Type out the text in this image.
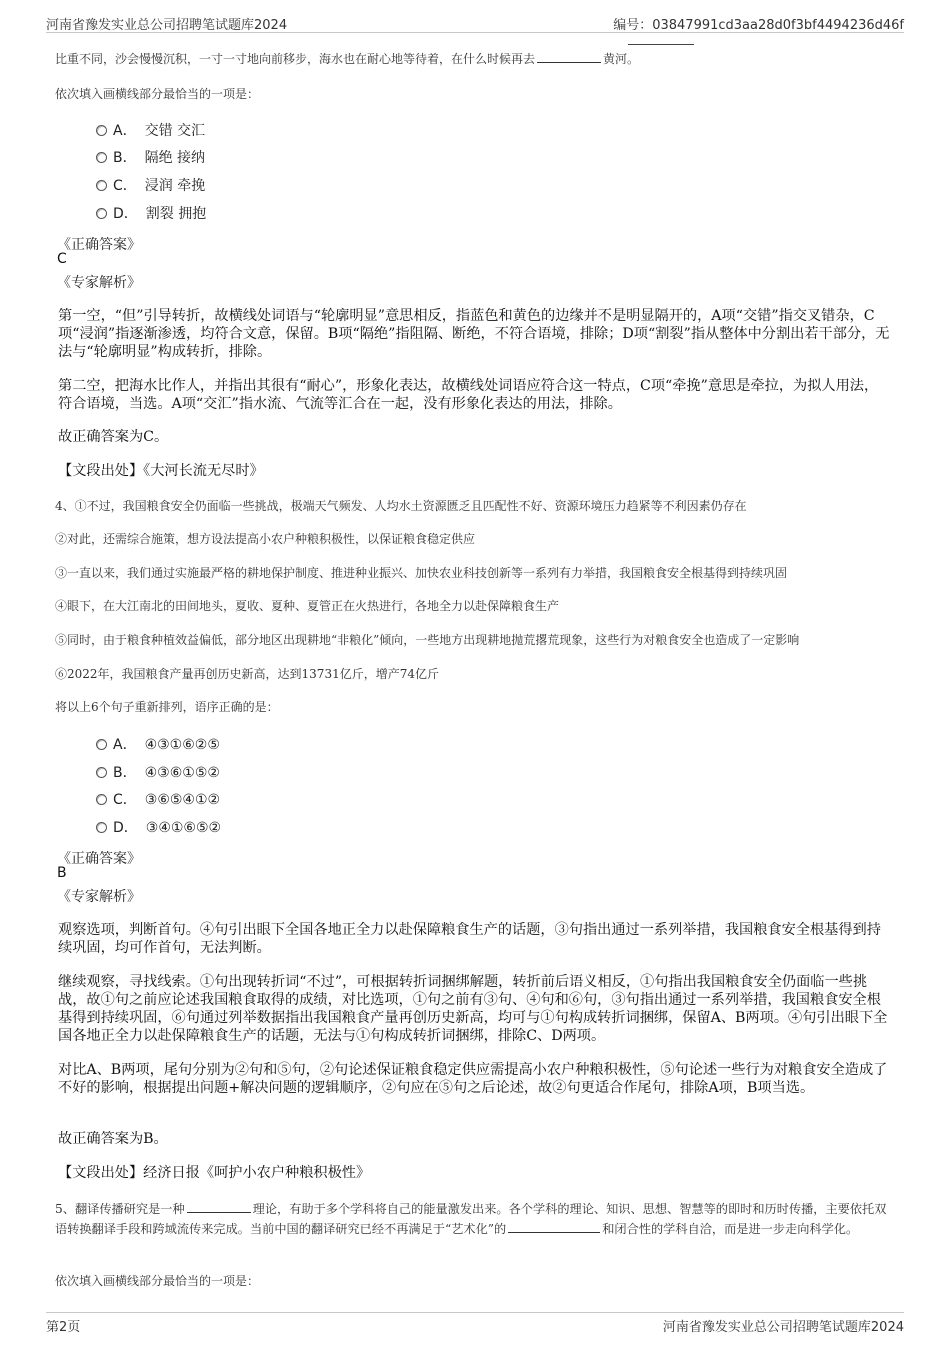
河南省豫发实业总公司招聘笔试题库2024	编号：03847991cd3aa28d0f3bf4494236d46f
比重不同，沙会慢慢沉积，一寸一寸地向前移步，海水也在耐心地等待着，在什么时候再去	黄河。
依次填入画横线部分最恰当的一项是：
A． 交错 交汇
B． 隔绝 接纳
C． 浸润 牵挽
D． 割裂 拥抱
《正确答案》
C
《专家解析》
第一空，“但”引导转折，故横线处词语与“轮廓明显”意思相反，指蓝色和黄色的边缘并不是明显隔开的，A项“交错”指交叉错杂，C项“浸润”指逐渐渗透，均符合文意，保留。B项“隔绝”指阻隔、断绝，不符合语境，排除；D项“割裂”指从整体中分割出若干部分，无法与“轮廓明显”构成转折，排除。
第二空，把海水比作人，并指出其很有“耐心”，形象化表达，故横线处词语应符合这一特点，C项“牵挽”意思是牵拉，为拟人用法，符合语境，当选。A项“交汇”指水流、气流等汇合在一起，没有形象化表达的用法，排除。
故正确答案为C。
【文段出处】《大河长流无尽时》
4、①不过，我国粮食安全仍面临一些挑战，极端天气频发、人均水土资源匮乏且匹配性不好、资源环境压力趋紧等不利因素仍存在
②对此，还需综合施策，想方设法提高小农户种粮积极性，以保证粮食稳定供应
③一直以来，我们通过实施最严格的耕地保护制度、推进种业振兴、加快农业科技创新等一系列有力举措，我国粮食安全根基得到持续巩固
④眼下，在大江南北的田间地头，夏收、夏种、夏管正在火热进行，各地全力以赴保障粮食生产
⑤同时，由于粮食种植效益偏低，部分地区出现耕地“非粮化”倾向，一些地方出现耕地抛荒撂荒现象，这些行为对粮食安全也造成了一定影响
⑥2022年，我国粮食产量再创历史新高，达到13731亿斤，增产74亿斤
将以上6个句子重新排列，语序正确的是：
A． ④③①⑥②⑤
B． ④③⑥①⑤②
C． ③⑥⑤④①②
D． ③④①⑥⑤②
《正确答案》
B
《专家解析》
观察选项，判断首句。④句引出眼下全国各地正全力以赴保障粮食生产的话题，③句指出通过一系列举措，我国粮食安全根基得到持续巩固，均可作首句，无法判断。
继续观察，寻找线索。①句出现转折词“不过”，可根据转折词捆绑解题，转折前后语义相反，①句指出我国粮食安全仍面临一些挑战，故①句之前应论述我国粮食取得的成绩，对比选项，①句之前有③句、④句和⑥句，③句指出通过一系列举措，我国粮食安全根基得到持续巩固，⑥句通过列举数据指出我国粮食产量再创历史新高，均可与①句构成转折词捆绑，保留A、B两项。④句引出眼下全国各地正全力以赴保障粮食生产的话题，无法与①句构成转折词捆绑，排除C、D两项。
对比A、B两项，尾句分别为②句和⑤句，②句论述保证粮食稳定供应需提高小农户种粮积极性，⑤句论述一些行为对粮食安全造成了不好的影响，根据提出问题+解决问题的逻辑顺序，②句应在⑤句之后论述，故②句更适合作尾句，排除A项，B项当选。
故正确答案为B。
【文段出处】经济日报《呵护小农户种粮积极性》
5、翻译传播研究是一种	理论，有助于多个学科将自己的能量激发出来。各个学科的理论、知识、思想、智慧等的即时和历时传播，主要依托双语转换翻译手段和跨域流传来完成。当前中国的翻译研究已经不再满足于“艺术化”的	和闭合性的学科自洽，而是进一步走向科学化。
依次填入画横线部分最恰当的一项是：
第2页	河南省豫发实业总公司招聘笔试题库2024
